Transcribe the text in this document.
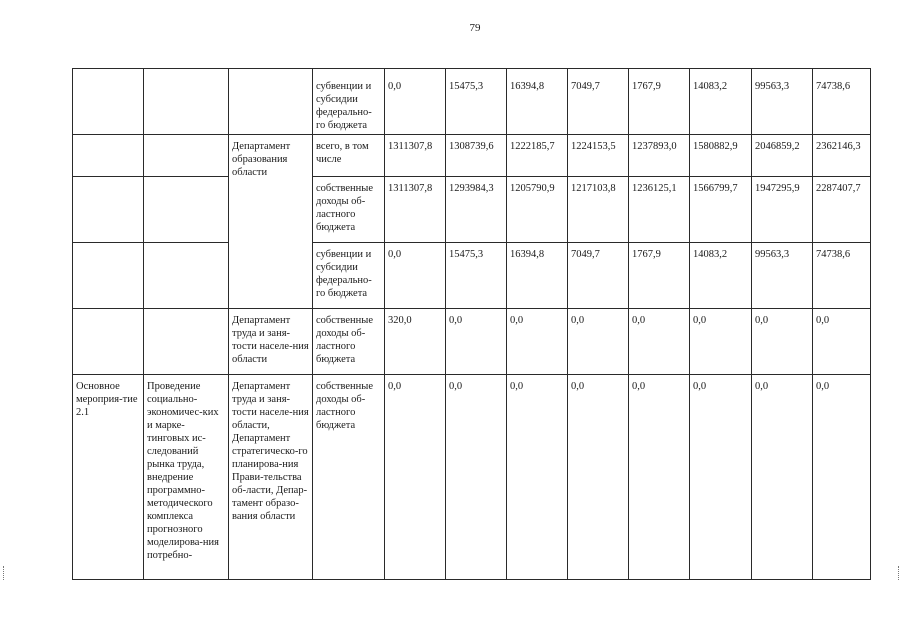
79
			субвенции и субсидии федерально-го бюджета	0,0	15475,3	16394,8	7049,7	1767,9	14083,2	99563,3	74738,6
		Департамент образования области	всего, в том числе	1311307,8	1308739,6	1222185,7	1224153,5	1237893,0	1580882,9	2046859,2	2362146,3
			собственные доходы об-ластного бюджета	1311307,8	1293984,3	1205790,9	1217103,8	1236125,1	1566799,7	1947295,9	2287407,7
			субвенции и субсидии федерально-го бюджета	0,0	15475,3	16394,8	7049,7	1767,9	14083,2	99563,3	74738,6
		Департамент труда и заня-тости населе-ния области	собственные доходы об-ластного бюджета	320,0	0,0	0,0	0,0	0,0	0,0	0,0	0,0
Основное мероприя-тие 2.1	Проведение социально-экономичес-ких и марке-тинговых ис-следований рынка труда, внедрение программно-методического комплекса прогнозного моделирова-ния потребно-	Департамент труда и заня-тости населе-ния области, Департамент стратегическо-го планирова-ния Прави-тельства об-ласти, Депар-тамент образо-вания области	собственные доходы об-ластного бюджета	0,0	0,0	0,0	0,0	0,0	0,0	0,0	0,0
